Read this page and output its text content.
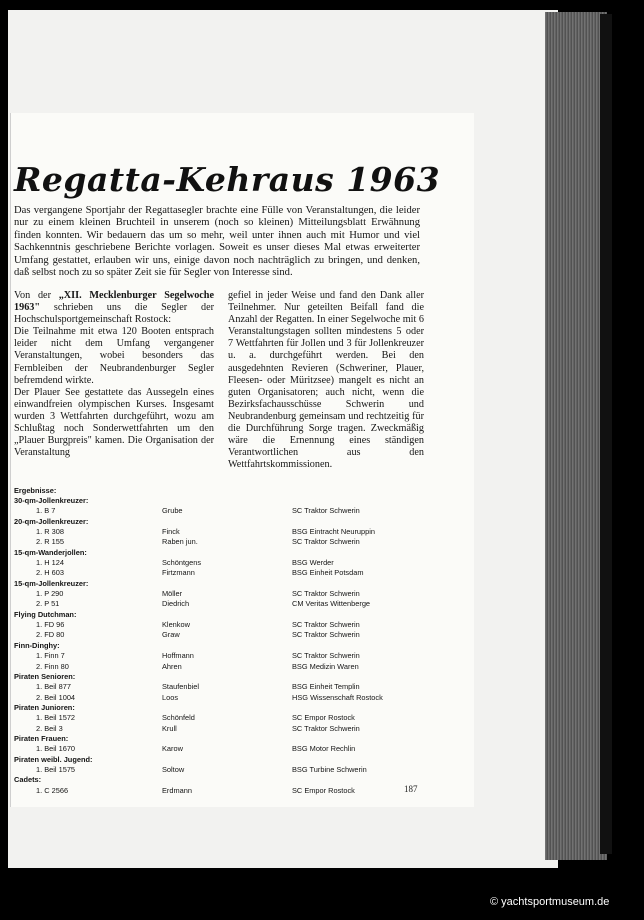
Regatta-Kehraus 1963

Das vergangene Sportjahr der Regattasegler brachte eine Fülle von Veranstaltungen, die leider nur zu einem kleinen Bruchteil in unserem (noch so kleinen) Mitteilungsblatt Erwähnung finden konnten. Wir bedauern das um so mehr, weil unter ihnen auch mit Humor und viel Sachkenntnis geschriebene Berichte vorlagen. Soweit es unser dieses Mal etwas erweiterter Umfang gestattet, erlauben wir uns, einige davon noch nachträglich zu bringen, und denken, daß selbst noch zu so später Zeit sie für Segler von Interesse sind.

Von der „XII. Mecklenburger Segelwoche 1963" schrieben uns die Segler der Hochschulsportgemeinschaft Rostock:

Die Teilnahme mit etwa 120 Booten entsprach leider nicht dem Umfang vergangener Veranstaltungen, wobei besonders das Fernbleiben der Neubrandenburger Segler befremdend wirkte.

Der Plauer See gestattete das Aussegeln eines einwandfreien olympischen Kurses. Insgesamt wurden 3 Wettfahrten durchgeführt, wozu am Schlußtag noch Sonderwettfahrten um den „Plauer Burgpreis" kamen. Die Organisation der Veranstaltung

gefiel in jeder Weise und fand den Dank aller Teilnehmer. Nur geteilten Beifall fand die Anzahl der Regatten. In einer Segelwoche mit 6 Veranstaltungstagen sollten mindestens 5 oder 7 Wettfahrten für Jollen und 3 für Jollenkreuzer u. a. durchgeführt werden. Bei den ausgedehnten Revieren (Schweriner, Plauer, Fleesen- oder Müritzsee) mangelt es nicht an guten Organisatoren; auch nicht, wenn die Bezirksfachausschüsse Schwerin und Neubrandenburg gemeinsam und rechtzeitig für die Durchführung Sorge tragen. Zweckmäßig wäre die Ernennung eines ständigen Verantwortlichen aus den Wettfahrtskommissionen.

Ergebnisse:
30-qm-Jollenkreuzer:
1. B 7	Grube	SC Traktor Schwerin
20-qm-Jollenkreuzer:
1. R 308	Finck	BSG Eintracht Neuruppin
2. R 155	Raben jun.	SC Traktor Schwerin
15-qm-Wanderjollen:
1. H 124	Schöntgens	BSG Werder
2. H 603	Firtzmann	BSG Einheit Potsdam
15-qm-Jollenkreuzer:
1. P 290	Möller	SC Traktor Schwerin
2. P 51	Diedrich	CM Veritas Wittenberge
Flying Dutchman:
1. FD 96	Klenkow	SC Traktor Schwerin
2. FD 80	Graw	SC Traktor Schwerin
Finn-Dinghy:
1. Finn 7	Hoffmann	SC Traktor Schwerin
2. Finn 80	Ahren	BSG Medizin Waren
Piraten Senioren:
1. Beil 877	Staufenbiel	BSG Einheit Templin
2. Beil 1004	Loos	HSG Wissenschaft Rostock
Piraten Junioren:
1. Beil 1572	Schönfeld	SC Empor Rostock
2. Beil 3	Krull	SC Traktor Schwerin
Piraten Frauen:
1. Beil 1670	Karow	BSG Motor Rechlin
Piraten weibl. Jugend:
1. Beil 1575	Soltow	BSG Turbine Schwerin
Cadets:
1. C 2566	Erdmann	SC Empor Rostock	187

© yachtsportmuseum.de
